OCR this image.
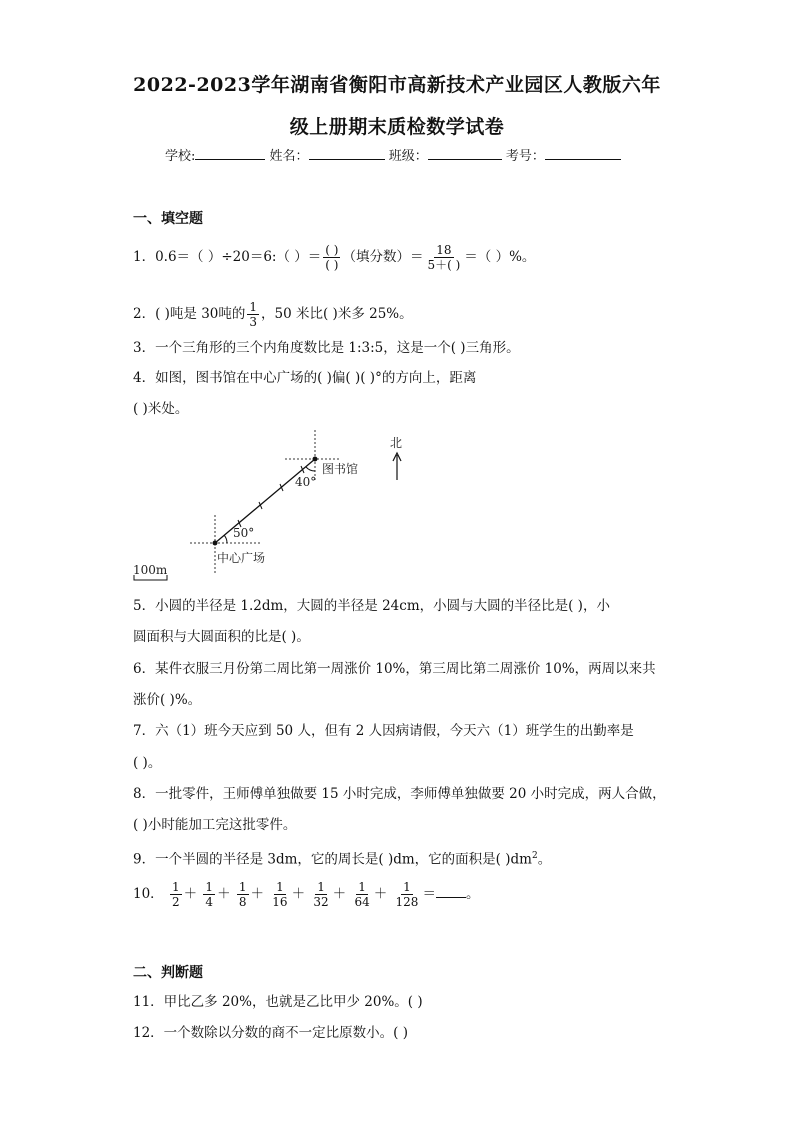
2022-2023学年湖南省衡阳市高新技术产业园区人教版六年
级上册期末质检数学试卷
学校:	姓名：	班级：	考号：
一、填空题
1．0.6＝（ ）÷20＝6:（ ）＝ $\frac{( )}{( )}$ （填分数）＝ $\frac{18}{5+( )}$ ＝（ ）%。
2．( )吨是 30吨的 $\frac{1}{3}$ ，50 米比( )米多 25%。
3．一个三角形的三个内角度数比是 1:3:5，这是一个( )三角形。
4．如图，图书馆在中心广场的( )偏( )( )°的方向上，距离
( )米处。
图书馆
40°
50°
中心广场
北
100m
5．小圆的半径是 1.2dm，大圆的半径是 24cm，小圆与大圆的半径比是( )，小
圆面积与大圆面积的比是( )。
6．某件衣服三月份第二周比第一周涨价 10%，第三周比第二周涨价 10%，两周以来共
涨价( )%。
7．六（1）班今天应到 50 人，但有 2 人因病请假，今天六（1）班学生的出勤率是
( )。
8．一批零件，王师傅单独做要 15 小时完成，李师傅单独做要 20 小时完成，两人合做，
( )小时能加工完这批零件。
9．一个半圆的半径是 3dm，它的周长是( )dm，它的面积是( )$dm^2$。
10． $\frac{1}{2} + \frac{1}{4} + \frac{1}{8} + \frac{1}{16} + \frac{1}{32} + \frac{1}{64} + \frac{1}{128}$ ＝ 。
二、判断题
11．甲比乙多 20%，也就是乙比甲少 20%。( )
12．一个数除以分数的商不一定比原数小。( )
